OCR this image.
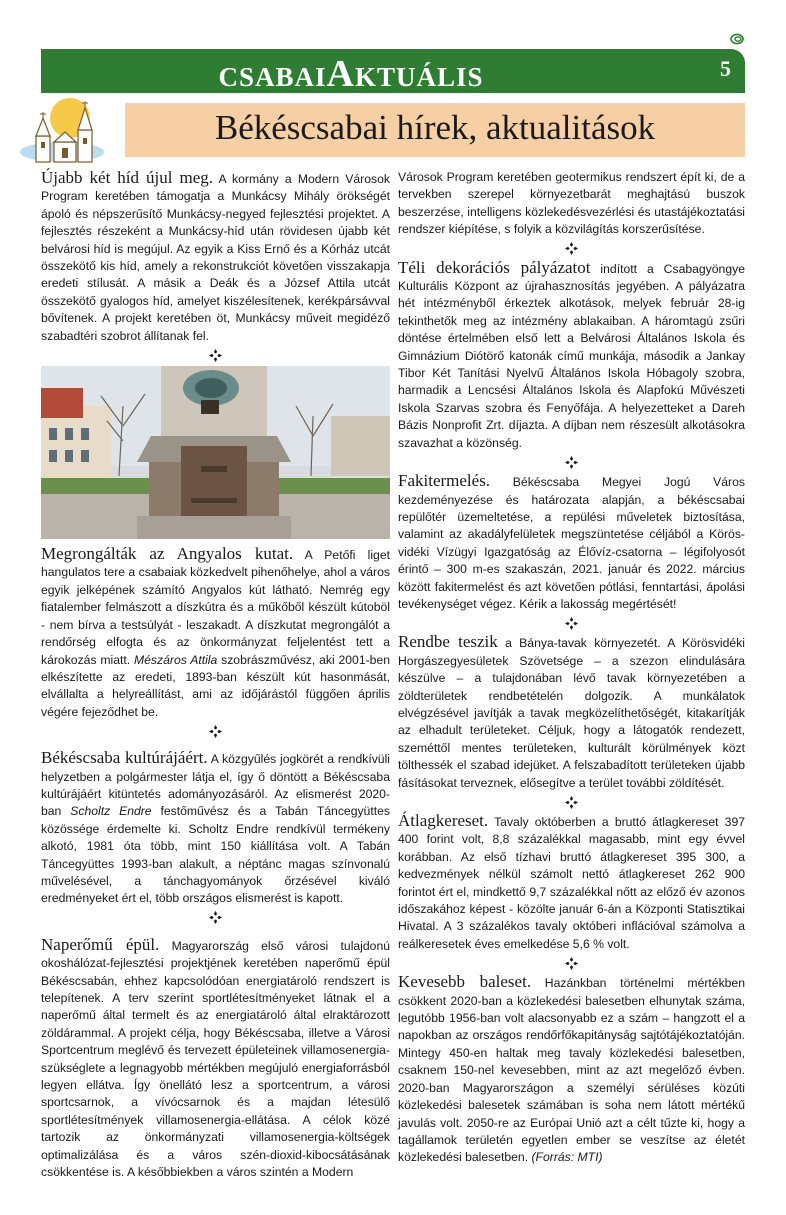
CSABAIAKTUÁLIS	5
Békéscsabai hírek, aktualitások

Újabb két híd újul meg. A kormány a Modern Városok Program keretében támogatja a Munkácsy Mihály örökségét ápoló és népszerűsítő Munkácsy-negyed fejlesztési projektet. A fejlesztés részeként a Munkácsy-híd után rövidesen újabb két belvárosi híd is megújul. Az egyik a Kiss Ernő és a Kórház utcát összekötő kis híd, amely a rekonstrukciót követően visszakapja eredeti stílusát. A másik a Deák és a József Attila utcát összekötő gyalogos híd, amelyet kiszélesítenek, kerékpársávval bővítenek. A projekt keretében öt, Munkácsy műveit megidéző szabadtéri szobrot állítanak fel.

Megrongálták az Angyalos kutat. A Petőfi liget hangulatos tere a csabaiak közkedvelt pihenőhelye, ahol a város egyik jelképének számító Angyalos kút látható. Nemrég egy fiatalember felmászott a díszkútra és a műkőből készült kútoböl - nem bírva a testsúlyát - leszakadt. A díszkutat megrongálót a rendőrség elfogta és az önkormányzat feljelentést tett a károkozás miatt. Mészáros Attila szobrászművész, aki 2001-ben elkészítette az eredeti, 1893-ban készült kút hasonmását, elvállalta a helyreállítást, ami az időjárástól függően április végére fejeződhet be.

Békéscsaba kultúrájáért. A közgyűlés jogkörét a rendkívüli helyzetben a polgármester látja el, így ő döntött a Békéscsaba kultúrájáért kitüntetés adományozásáról. Az elismerést 2020-ban Scholtz Endre festőművész és a Tabán Táncegyüttes közössége érdemelte ki. Scholtz Endre rendkívül termékeny alkotó, 1981 óta több, mint 150 kiállítása volt. A Tabán Táncegyüttes 1993-ban alakult, a néptánc magas színvonalú művelésével, a tánchagyományok őrzésével kiváló eredményeket ért el, több országos elismerést is kapott.

Naperőmű épül. Magyarország első városi tulajdonú okoshálózat-fejlesztési projektjének keretében naperőmű épül Békéscsabán, ehhez kapcsolódóan energiatároló rendszert is telepítenek. A terv szerint sportlétesítményeket látnak el a naperőmű által termelt és az energiatároló által elraktározott zöldárammal. A projekt célja, hogy Békéscsaba, illetve a Városi Sportcentrum meglévő és tervezett épületeinek villamosenergia-szükséglete a legnagyobb mértékben megújuló energiaforrásból legyen ellátva. Így önellátó lesz a sportcentrum, a városi sportcsarnok, a vívócsarnok és a majdan létesülő sportlétesítmények villamosenergia-ellátása. A célok közé tartozik az önkormányzati villamosenergia-költségek optimalizálása és a város szén-dioxid-kibocsátásának csökkentése is. A későbbiekben a város szintén a Modern

Városok Program keretében geotermikus rendszert épít ki, de a tervekben szerepel környezetbarát meghajtású buszok beszerzése, intelligens közlekedésvezérlési és utastájékoztatási rendszer kiépítése, s folyik a közvilágítás korszerűsítése.

Téli dekorációs pályázatot indított a Csabagyöngye Kulturális Központ az újrahasznosítás jegyében. A pályázatra hét intézményből érkeztek alkotások, melyek február 28-ig tekinthetők meg az intézmény ablakaiban. A háromtagú zsűri döntése értelmében első lett a Belvárosi Általános Iskola és Gimnázium Diótörő katonák című munkája, második a Jankay Tibor Két Tanítási Nyelvű Általános Iskola Hóbagoly szobra, harmadik a Lencsési Általános Iskola és Alapfokú Művészeti Iskola Szarvas szobra és Fenyőfája. A helyezetteket a Dareh Bázis Nonprofit Zrt. díjazta. A díjban nem részesült alkotásokra szavazhat a közönség.

Fakitermelés. Békéscsaba Megyei Jogú Város kezdeményezése és határozata alapján, a békéscsabai repülőtér üzemeltetése, a repülési műveletek biztosítása, valamint az akadályfelületek megszüntetése céljából a Körös-vidéki Vízügyi Igazgatóság az Élővíz-csatorna – légifolyosót érintő – 300 m-es szakaszán, 2021. január és 2022. március között fakitermelést és azt követően pótlási, fenntartási, ápolási tevékenységet végez. Kérik a lakosság megértését!

Rendbe teszik a Bánya-tavak környezetét. A Körösvidéki Horgászegyesületek Szövetsége – a szezon elindulására készülve – a tulajdonában lévő tavak környezetében a zöldterületek rendbetételén dolgozik. A munkálatok elvégzésével javítják a tavak megközelíthetőségét, kitakarítják az elhadult területeket. Céljuk, hogy a látogatók rendezett, szeméttől mentes területeken, kulturált körülmények közt tölthessék el szabad idejüket. A felszabadított területeken újabb fásításokat terveznek, elősegítve a terület további zöldítését.

Átlagkereset. Tavaly októberben a bruttó átlagkereset 397 400 forint volt, 8,8 százalékkal magasabb, mint egy évvel korábban. Az első tízhavi bruttó átlagkereset 395 300, a kedvezmények nélkül számolt nettó átlagkereset 262 900 forintot ért el, mindkettő 9,7 százalékkal nőtt az előző év azonos időszakához képest - közölte január 6-án a Központi Statisztikai Hivatal. A 3 százalékos tavaly októberi inflációval számolva a reálkeresetek éves emelkedése 5,6 % volt.

Kevesebb baleset. Hazánkban történelmi mértékben csökkent 2020-ban a közlekedési balesetben elhunytak száma, legutóbb 1956-ban volt alacsonyabb ez a szám – hangzott el a napokban az országos rendőrfőkapitányság sajtótájékoztatóján. Mintegy 450-en haltak meg tavaly közlekedési balesetben, csaknem 150-nel kevesebben, mint az azt megelőző évben. 2020-ban Magyarországon a személyi sérüléses közúti közlekedési balesetek számában is soha nem látott mértékű javulás volt. 2050-re az Európai Unió azt a célt tűzte ki, hogy a tagállamok területén egyetlen ember se veszítse az életét közlekedési balesetben. (Forrás: MTI)
